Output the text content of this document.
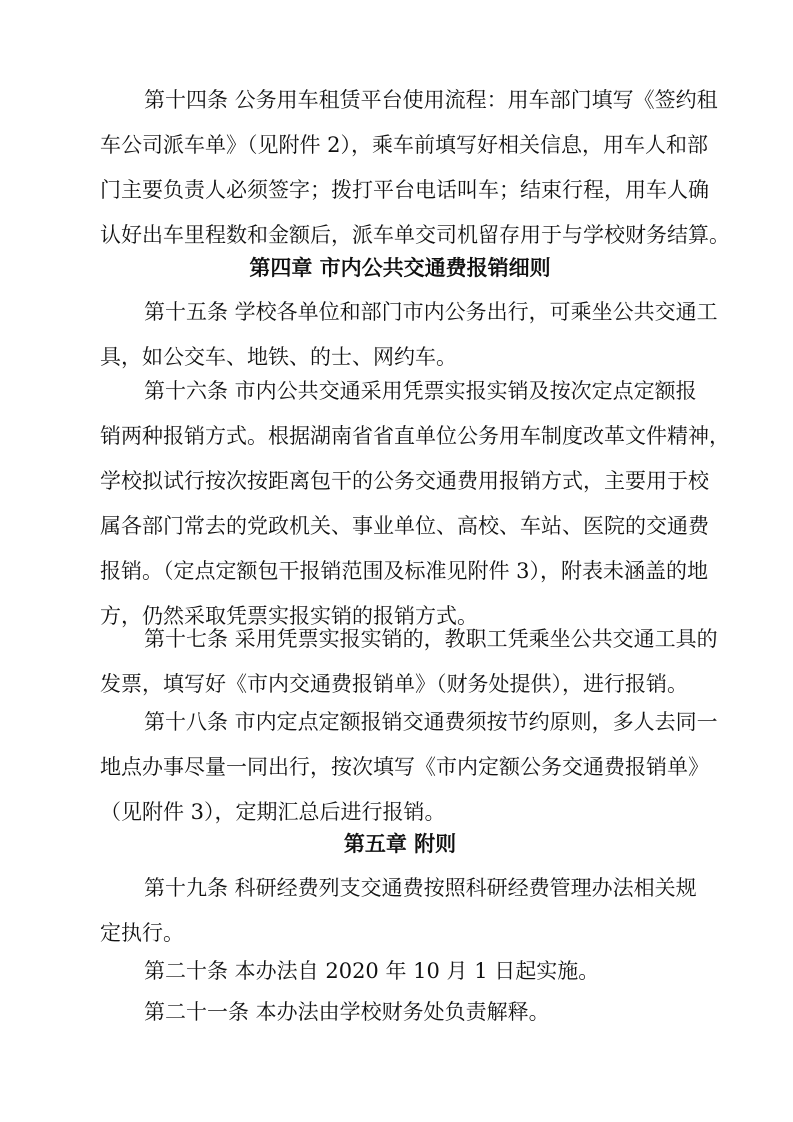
第十四条 公务用车租赁平台使用流程：用车部门填写《签约租
车公司派车单》（见附件 2），乘车前填写好相关信息，用车人和部
门主要负责人必须签字；拨打平台电话叫车；结束行程，用车人确
认好出车里程数和金额后，派车单交司机留存用于与学校财务结算。
第四章 市内公共交通费报销细则
第十五条 学校各单位和部门市内公务出行，可乘坐公共交通工
具，如公交车、地铁、的士、网约车。
第十六条 市内公共交通采用凭票实报实销及按次定点定额报
销两种报销方式。根据湖南省省直单位公务用车制度改革文件精神，
学校拟试行按次按距离包干的公务交通费用报销方式，主要用于校
属各部门常去的党政机关、事业单位、高校、车站、医院的交通费
报销。（定点定额包干报销范围及标准见附件 3），附表未涵盖的地
方，仍然采取凭票实报实销的报销方式。
第十七条 采用凭票实报实销的，教职工凭乘坐公共交通工具的
发票，填写好《市内交通费报销单》（财务处提供），进行报销。
第十八条 市内定点定额报销交通费须按节约原则，多人去同一
地点办事尽量一同出行，按次填写《市内定额公务交通费报销单》
（见附件 3），定期汇总后进行报销。
第五章 附则
第十九条 科研经费列支交通费按照科研经费管理办法相关规
定执行。
第二十条 本办法自 2020 年 10 月 1 日起实施。
第二十一条 本办法由学校财务处负责解释。
